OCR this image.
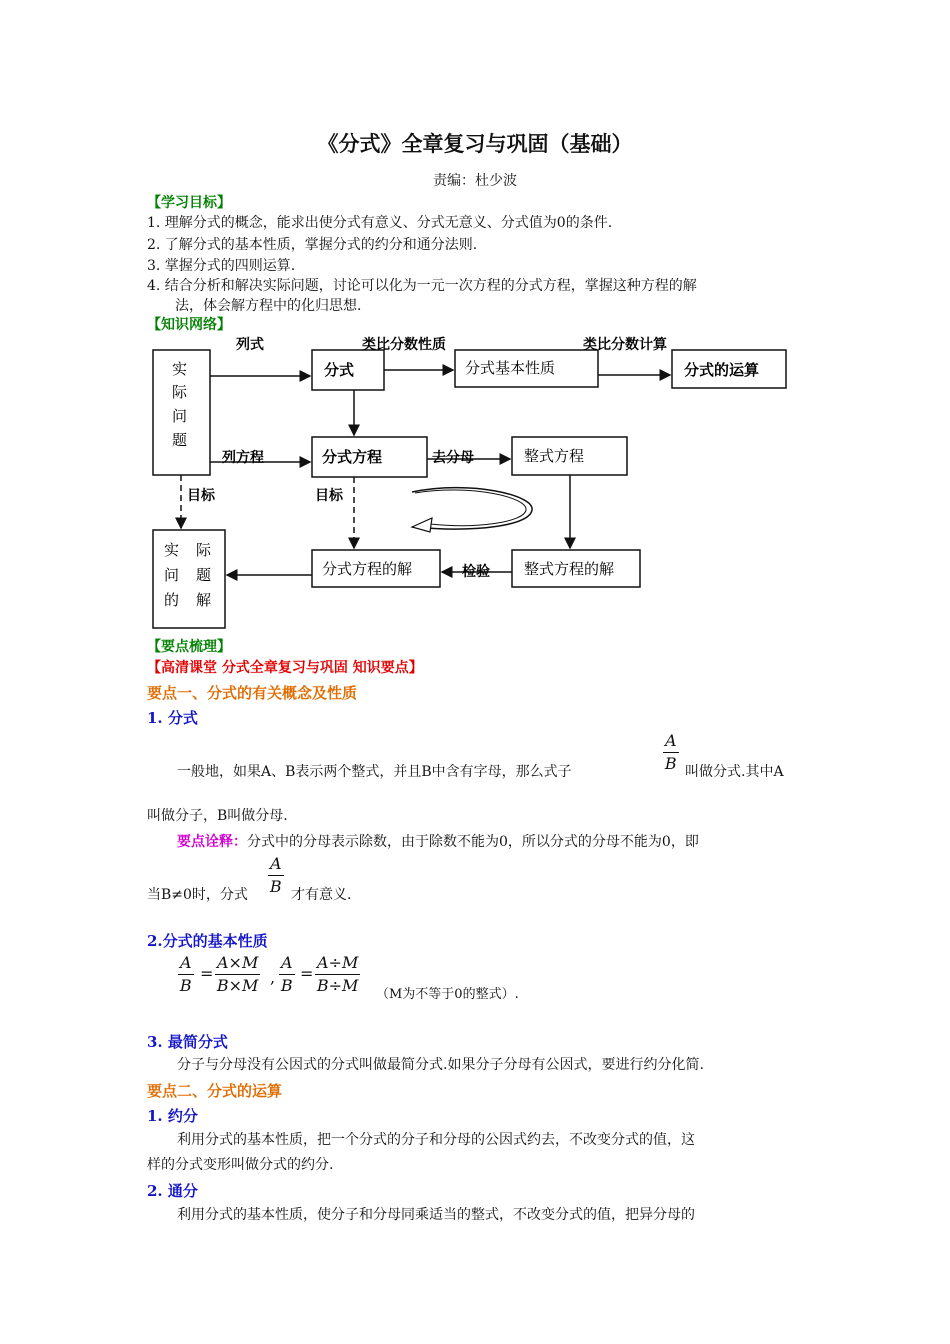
《分式》全章复习与巩固（基础）
责编：杜少波
【学习目标】
1. 理解分式的概念，能求出使分式有意义、分式无意义、分式值为0的条件.
2. 了解分式的基本性质，掌握分式的约分和通分法则.
3. 掌握分式的四则运算.
4. 结合分析和解决实际问题，讨论可以化为一元一次方程的分式方程，掌握这种方程的解
法，体会解方程中的化归思想.
【知识网络】
实
际
问
题
分式	分式基本性质	分式的运算
分式方程	整式方程
整式方程的解
分式方程的解
实 际
问 题
的 解
列式	类比分数性质	类比分数计算
列方程	去分母
检验
目标	目标
【要点梳理】
【高清课堂 分式全章复习与巩固 知识要点】
要点一、分式的有关概念及性质
1. 分式
一般地，如果A、B表示两个整式，并且B中含有字母，那么式子	$\frac{A}{B}$ 叫做分式.其中A
叫做分子，B叫做分母.
要点诠释：分式中的分母表示除数，由于除数不能为0，所以分式的分母不能为0，即
当B≠0时，分式 $\frac{A}{B}$ 才有意义.
2.分式的基本性质
$\frac{A}{B} = \frac{A\times M}{B\times M}$ , $\frac{A}{B} = \frac{A\div M}{B\div M} (M$为不等于0的整式）.
3. 最简分式
分子与分母没有公因式的分式叫做最简分式.如果分子分母有公因式，要进行约分化简.
要点二、分式的运算
1. 约分
利用分式的基本性质，把一个分式的分子和分母的公因式约去，不改变分式的值，这
样的分式变形叫做分式的约分.
2. 通分
利用分式的基本性质，使分子和分母同乘适当的整式，不改变分式的值，把异分母的
